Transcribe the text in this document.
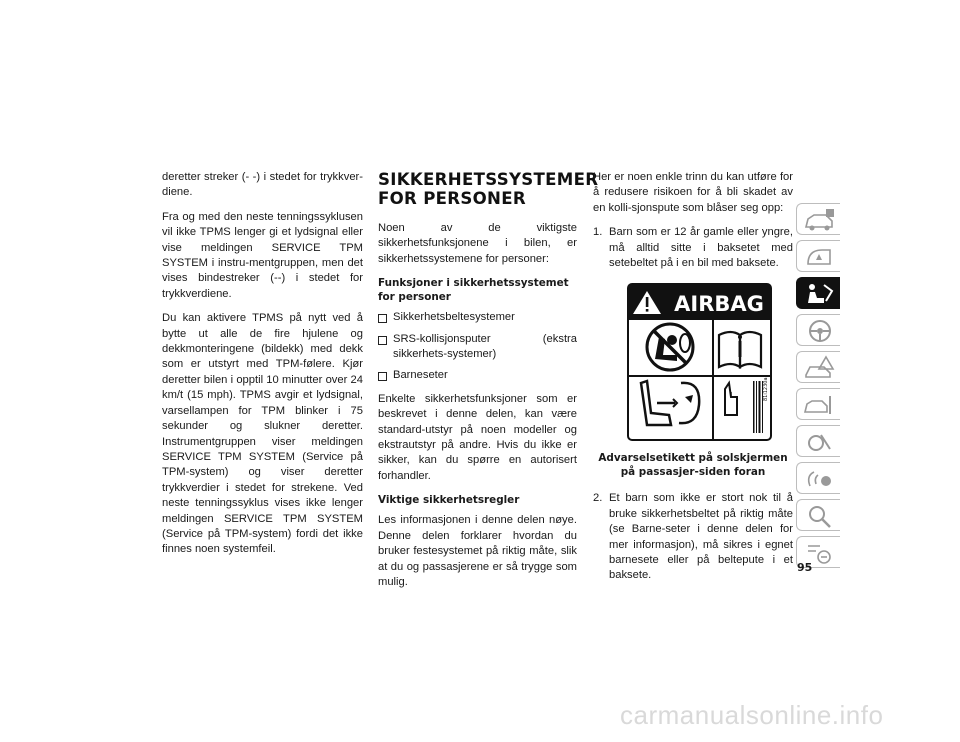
deretter streker (- -) i stedet for trykkver-diene.

Fra og med den neste tenningssyklusen vil ikke TPMS lenger gi et lydsignal eller vise meldingen SERVICE TPM SYSTEM i instru-mentgruppen, men det vises bindestreker (--) i stedet for trykkverdiene.

Du kan aktivere TPMS på nytt ved å bytte ut alle de fire hjulene og dekkmonteringene (bildekk) med dekk som er utstyrt med TPM-følere. Kjør deretter bilen i opptil 10 minutter over 24 km/t (15 mph). TPMS avgir et lydsignal, varsellampen for TPM blinker i 75 sekunder og slukner deretter. Instrumentgruppen viser meldingen SERVICE TPM SYSTEM (Service på TPM-system) og viser deretter trykkverdier i stedet for strekene. Ved neste tenningssyklus vises ikke lenger meldingen SERVICE TPM SYSTEM (Service på TPM-system) fordi det ikke finnes noen systemfeil.

SIKKERHETSSYSTEMER
FOR PERSONER

Noen av de viktigste sikkerhetsfunksjonene i bilen, er sikkerhetssystemene for personer:

Funksjoner i sikkerhetssystemet for personer
Sikkerhetsbeltesystemer
SRS-kollisjonsputer (ekstra sikkerhets-systemer)
Barneseter

Enkelte sikkerhetsfunksjoner som er beskrevet i denne delen, kan være standard-utstyr på noen modeller og ekstrautstyr på andre. Hvis du ikke er sikker, kan du spørre en autorisert forhandler.

Viktige sikkerhetsregler

Les informasjonen i denne delen nøye. Denne delen forklarer hvordan du bruker festesystemet på riktig måte, slik at du og passasjerene er så trygge som mulig.

Her er noen enkle trinn du kan utføre for å redusere risikoen for å bli skadet av en kolli-sjonspute som blåser seg opp:

1. Barn som er 12 år gamle eller yngre, må alltid sitte i baksetet med setebeltet på i en bil med baksete.
AIRBAG
!	81i1230a
Advarselsetikett på solskjermen på passasjer-siden foran
2. Et barn som ikke er stort nok til å bruke sikkerhetsbeltet på riktig måte (se Barne-seter i denne delen for mer informasjon), må sikres i egnet barnesete eller på beltepute i et baksete.
95
carmanualsonline.info
